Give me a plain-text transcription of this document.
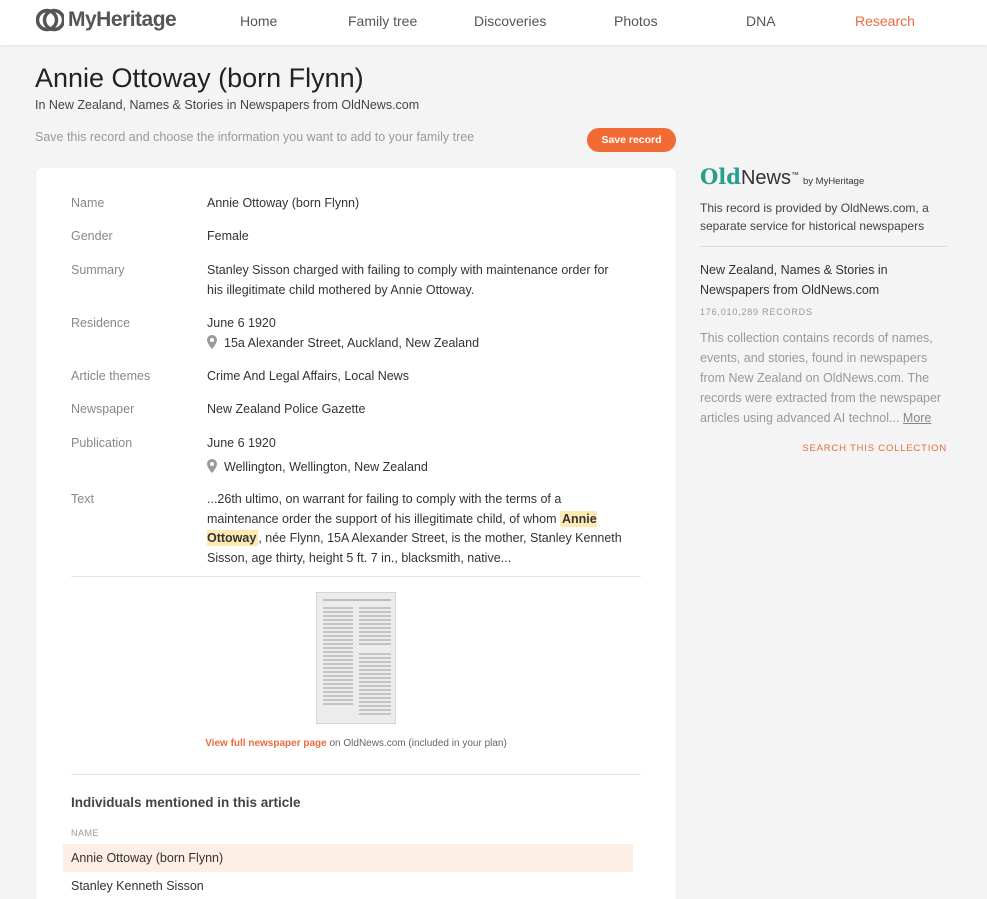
MyHeritage	Home	Family tree	Discoveries	Photos	DNA	Research
Annie Ottoway (born Flynn)
In New Zealand, Names & Stories in Newspapers from OldNews.com
Save this record and choose the information you want to add to your family tree	Save record
Name	Annie Ottoway (born Flynn)
Gender	Female
Summary	Stanley Sisson charged with failing to comply with maintenance order for his illegitimate child mothered by Annie Ottoway.
Residence	June 6 1920
15a Alexander Street, Auckland, New Zealand
Article themes	Crime And Legal Affairs, Local News
Newspaper	New Zealand Police Gazette
Publication	June 6 1920
Wellington, Wellington, New Zealand
Text	...26th ultimo, on warrant for failing to comply with the terms of a maintenance order the support of his illegitimate child, of whom Annie Ottoway , née Flynn, 15A Alexander Street, is the mother, Stanley Kenneth Sisson, age thirty, height 5 ft. 7 in., blacksmith, native...
View full newspaper page on OldNews.com (included in your plan)
Individuals mentioned in this article
NAME
Annie Ottoway (born Flynn)
Stanley Kenneth Sisson
OldNews™by MyHeritage
This record is provided by OldNews.com, a separate service for historical newspapers
New Zealand, Names & Stories in Newspapers from OldNews.com
176,010,289 RECORDS
This collection contains records of names, events, and stories, found in newspapers from New Zealand on OldNews.com. The records were extracted from the newspaper articles using advanced AI technol... More
SEARCH THIS COLLECTION
